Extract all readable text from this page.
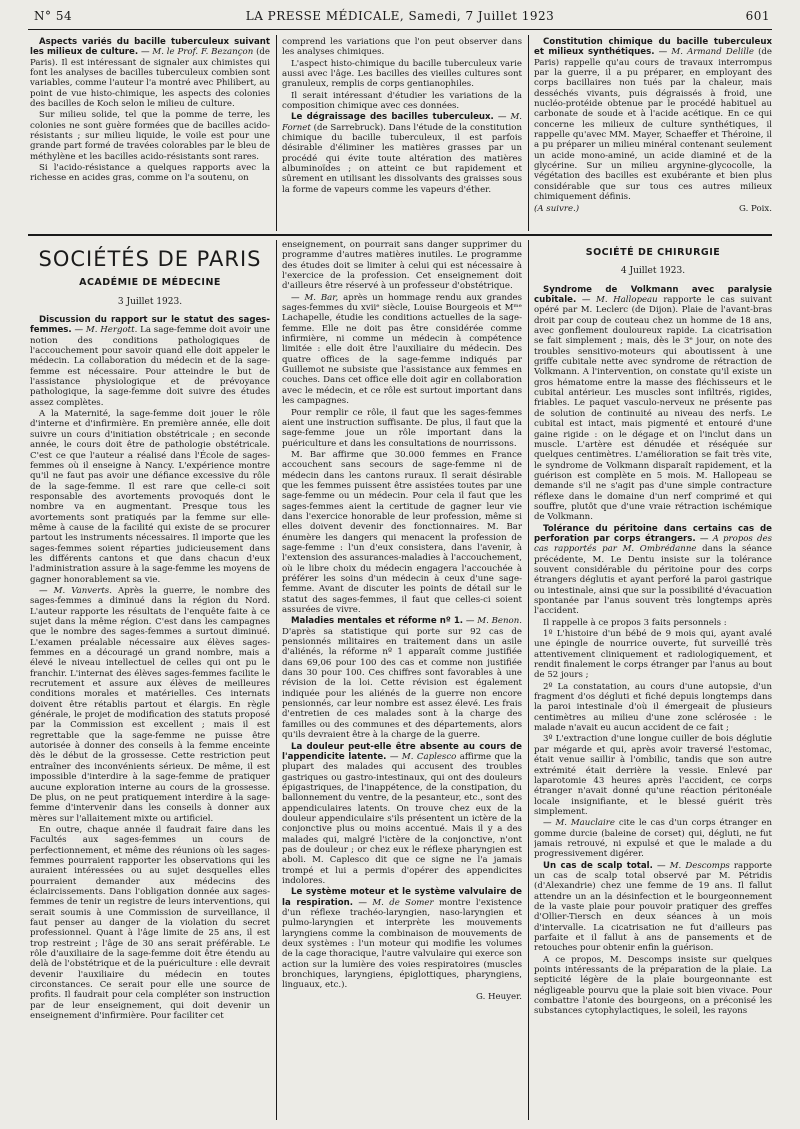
N° 54	LA PRESSE MÉDICALE, Samedi, 7 Juillet 1923	601

Aspects variés du bacille tuberculeux suivant les milieux de culture. — M. le Prof. F. Bezançon (de Paris). Il est intéressant de signaler aux chimistes qui font les analyses de bacilles tuberculeux combien sont variables, comme l'auteur l'a montré avec Philibert, au point de vue histo-chimique, les aspects des colonies des bacilles de Koch selon le milieu de culture.

Sur milieu solide, tel que la pomme de terre, les colonies ne sont guère formées que de bacilles acido-résistants ; sur milieu liquide, le voile est pour une grande part formé de travées colorables par le bleu de méthylène et les bacilles acido-résistants sont rares.

Si l'acido-résistance a quelques rapports avec la richesse en acides gras, comme on l'a soutenu, on

comprend les variations que l'on peut observer dans les analyses chimiques.

L'aspect histo-chimique du bacille tuberculeux varie aussi avec l'âge. Les bacilles des vieilles cultures sont granuleux, remplis de corps gentianophiles.

Il serait intéressant d'étudier les variations de la composition chimique avec ces données.

Le dégraissage des bacilles tuberculeux. — M. Fornet (de Sarrebruck). Dans l'étude de la constitution chimique du bacille tuberculeux, il est parfois désirable d'éliminer les matières grasses par un procédé qui évite toute altération des matières albuminoïdes ; on atteint ce but rapidement et sûrement en utilisant les dissolvants des graisses sous la forme de vapeurs comme les vapeurs d'éther.

Constitution chimique du bacille tuberculeux et milieux synthétiques. — M. Armand Delille (de Paris) rappelle qu'au cours de travaux interrompus par la guerre, il a pu préparer, en employant des corps bacillaires non tués par la chaleur, mais desséchés vivants, puis dégraissés à froid, une nucléo-protéide obtenue par le procédé habituel au carbonate de soude et à l'acide acétique. En ce qui concerne les milieux de culture synthétiques, il rappelle qu'avec MM. Mayer, Schaeffer et Théroine, il a pu préparer un milieu minéral contenant seulement un acide mono-aminé, un acide diaminé et de la glycérine. Sur un milieu argynine-glycocolle, la végétation des bacilles est exubérante et bien plus considérable que sur tous ces autres milieux chimiquement définis.

(A suivre.)	G. Poix.

SOCIÉTÉS DE PARIS
ACADÉMIE DE MÉDECINE
3 Juillet 1923.

Discussion du rapport sur le statut des sages-femmes. — M. Hergott. La sage-femme doit avoir une notion des conditions pathologiques de l'accouchement pour savoir quand elle doit appeler le médecin. La collaboration du médecin et de la sage-femme est nécessaire. Pour atteindre le but de l'assistance physiologique et de prévoyance pathologique, la sage-femme doit suivre des études assez complètes.

A la Maternité, la sage-femme doit jouer le rôle d'interne et d'infirmière. En première année, elle doit suivre un cours d'initiation obstétricale ; en seconde année, le cours doit être de pathologie obstétricale. C'est ce que l'auteur a réalisé dans l'École de sages-femmes où il enseigne à Nancy. L'expérience montre qu'il ne faut pas avoir une défiance excessive du rôle de la sage-femme. Il est rare que celle-ci soit responsable des avortements provoqués dont le nombre va en augmentant. Presque tous les avortements sont pratiqués par la femme sur elle-même à cause de la facilité qui existe de se procurer partout les instruments nécessaires. Il importe que les sages-femmes soient réparties judicieusement dans les différents cantons et que dans chacun d'eux l'administration assure à la sage-femme les moyens de gagner honorablement sa vie.

— M. Vanverts. Après la guerre, le nombre des sages-femmes a diminué dans la région du Nord. L'auteur rapporte les résultats de l'enquête faite à ce sujet dans la même région. C'est dans les campagnes que le nombre des sages-femmes a surtout diminué. L'examen préalable nécessaire aux élèves sages-femmes en a découragé un grand nombre, mais a élevé le niveau intellectuel de celles qui ont pu le franchir. L'internat des élèves sages-femmes facilite le recrutement et assure aux élèves de meilleures conditions morales et matérielles. Ces internats doivent être rétablis partout et élargis. En règle générale, le projet de modification des statuts proposé par la Commission est excellent ; mais il est regrettable que la sage-femme ne puisse être autorisée à donner des conseils à la femme enceinte dès le début de la grossesse. Cette restriction peut entraîner des inconvénients sérieux. De même, il est impossible d'interdire à la sage-femme de pratiquer aucune exploration interne au cours de la grossesse. De plus, on ne peut pratiquement interdire à la sage-femme d'intervenir dans les conseils à donner aux mères sur l'allaitement mixte ou artificiel.

En outre, chaque année il faudrait faire dans les Facultés aux sages-femmes un cours de perfectionnement, et même des réunions où les sages-femmes pourraient rapporter les observations qui les auraient intéressées ou au sujet desquelles elles pourraient demander aux médecins des éclaircissements. Dans l'obligation donnée aux sages-femmes de tenir un registre de leurs interventions, qui serait soumis à une Commission de surveillance, il faut penser au danger de la violation du secret professionnel. Quant à l'âge limite de 25 ans, il est trop restreint ; l'âge de 30 ans serait préférable. Le rôle d'auxiliaire de la sage-femme doit être étendu au delà de l'obstétrique et de la puériculture : elle devrait devenir l'auxiliaire du médecin en toutes circonstances. Ce serait pour elle une source de profits. Il faudrait pour cela compléter son instruction par de leur enseignement, qui doit devenir un enseignement d'infirmière. Pour faciliter cet

enseignement, on pourrait sans danger supprimer du programme d'autres matières inutiles. Le programme des études doit se limiter à celui qui est nécessaire à l'exercice de la profession. Cet enseignement doit d'ailleurs être réservé à un professeur d'obstétrique.

— M. Bar, après un hommage rendu aux grandes sages-femmes du xviiᵉ siècle, Louise Bourgeois et Mᵐᵉ Lachapelle, étudie les conditions actuelles de la sage-femme. Elle ne doit pas être considérée comme infirmière, ni comme un médecin à compétence limitée : elle doit être l'auxiliaire du médecin. Des quatre offices de la sage-femme indiqués par Guillemot ne subsiste que l'assistance aux femmes en couches. Dans cet office elle doit agir en collaboration avec le médecin, et ce rôle est surtout important dans les campagnes.

Pour remplir ce rôle, il faut que les sages-femmes aient une instruction suffisante. De plus, il faut que la sage-femme joue un rôle important dans la puériculture et dans les consultations de nourrissons.

M. Bar affirme que 30.000 femmes en France accouchent sans secours de sage-femme ni de médecin dans les cantons ruraux. Il serait désirable que les femmes puissent être assistées toutes par une sage-femme ou un médecin. Pour cela il faut que les sages-femmes aient la certitude de gagner leur vie dans l'exercice honorable de leur profession, même si elles doivent devenir des fonctionnaires. M. Bar énumère les dangers qui menacent la profession de sage-femme : l'un d'eux consistera, dans l'avenir, à l'extension des assurances-maladies à l'accouchement, où le libre choix du médecin engagera l'accouchée à préférer les soins d'un médecin à ceux d'une sage-femme. Avant de discuter les points de détail sur le statut des sages-femmes, il faut que celles-ci soient assurées de vivre.

Maladies mentales et réforme nº 1. — M. Benon. D'après sa statistique qui porte sur 92 cas de pensionnés militaires en traitement dans un asile d'aliénés, la réforme nº 1 apparaît comme justifiée dans 69,06 pour 100 des cas et comme non justifiée dans 30 pour 100. Ces chiffres sont favorables à une révision de la loi. Cette révision est également indiquée pour les aliénés de la guerre non encore pensionnés, car leur nombre est assez élevé. Les frais d'entretien de ces malades sont à la charge des familles ou des communes et des départements, alors qu'ils devraient être à la charge de la guerre.

La douleur peut-elle être absente au cours de l'appendicite latente. — M. Caplesco affirme que la plupart des malades qui accusent des troubles gastriques ou gastro-intestinaux, qui ont des douleurs épigastriques, de l'inappétence, de la constipation, du ballonnement du ventre, de la pesanteur, etc., sont des appendiculaires latents. On trouve chez eux de la douleur appendiculaire s'ils présentent un ictère de la conjonctive plus ou moins accentué. Mais il y a des malades qui, malgré l'ictère de la conjonctive, n'ont pas de douleur ; or chez eux le réflexe pharyngien est aboli. M. Caplesco dit que ce signe ne l'a jamais trompé et lui a permis d'opérer des appendicites indolores.

Le système moteur et le système valvulaire de la respiration. — M. de Somer montre l'existence d'un réflexe trachéo-laryngien, naso-laryngien et pulmo-laryngien et interprète les mouvements laryngiens comme la combinaison de mouvements de deux systèmes : l'un moteur qui modifie les volumes de la cage thoracique, l'autre valvulaire qui exerce son action sur la lumière des voies respiratoires (muscles bronchiques, laryngiens, épiglottiques, pharyngiens, linguaux, etc.).

G. Heuyer.

SOCIÉTÉ DE CHIRURGIE
4 Juillet 1923.

Syndrome de Volkmann avec paralysie cubitale. — M. Hallopeau rapporte le cas suivant opéré par M. Leclerc (de Dijon). Plaie de l'avant-bras droit par coup de couteau chez un homme de 18 ans, avec gonflement douloureux rapide. La cicatrisation se fait simplement ; mais, dès le 3ᵉ jour, on note des troubles sensitivo-moteurs qui aboutissent à une griffe cubitale nette avec syndrome de rétraction de Volkmann. A l'intervention, on constate qu'il existe un gros hématome entre la masse des fléchisseurs et le cubital antérieur. Les muscles sont infiltrés, rigides, friables. Le paquet vasculo-nerveux ne présente pas de solution de continuité au niveau des nerfs. Le cubital est intact, mais pigmenté et entouré d'une gaine rigide : on le dégage et on l'inclut dans un muscle. L'artère est dénudée et réséquée sur quelques centimètres. L'amélioration se fait très vite, le syndrome de Volkmann disparaît rapidement, et la guérison est complète en 5 mois. M. Hallopeau se demande s'il ne s'agit pas d'une simple contracture réflexe dans le domaine d'un nerf comprimé et qui souffre, plutôt que d'une vraie rétraction ischémique de Volkmann.

Tolérance du péritoine dans certains cas de perforation par corps étrangers. — A propos des cas rapportés par M. Ombrédanne dans la séance précédente, M. Le Dentu insiste sur la tolérance souvent considérable du péritoine pour des corps étrangers déglutis et ayant perforé la paroi gastrique ou intestinale, ainsi que sur la possibilité d'évacuation spontanée par l'anus souvent très longtemps après l'accident.

Il rappelle à ce propos 3 faits personnels :

1º L'histoire d'un bébé de 9 mois qui, ayant avalé une épingle de nourrice ouverte, fut surveillé très attentivement cliniquement et radiologiquement, et rendit finalement le corps étranger par l'anus au bout de 52 jours ;

2º La constatation, au cours d'une autopsie, d'un fragment d'os dégluti et fiché depuis longtemps dans la paroi intestinale d'où il émergeait de plusieurs centimètres au milieu d'une zone sclérosée : le malade n'avait eu aucun accident de ce fait ;

3º L'extraction d'une longue cuiller de bois déglutie par mégarde et qui, après avoir traversé l'estomac, était venue saillir à l'ombilic, tandis que son autre extrémité était derrière la vessie. Enlevé par laparotomie 43 heures après l'accident, ce corps étranger n'avait donné qu'une réaction péritonéale locale insignifiante, et le blessé guérit très simplement.

— M. Mauclaire cite le cas d'un corps étranger en gomme durcie (baleine de corset) qui, dégluti, ne fut jamais retrouvé, ni expulsé et que le malade a du progressivement digérer.

Un cas de scalp total. — M. Descomps rapporte un cas de scalp total observé par M. Pétridis (d'Alexandrie) chez une femme de 19 ans. Il fallut attendre un an la désinfection et le bourgeonnement de la vaste plaie pour pouvoir pratiquer des greffes d'Ollier-Tiersch en deux séances à un mois d'intervalle. La cicatrisation ne fut d'ailleurs pas parfaite et il fallut à ans de pansements et de retouches pour obtenir enfin la guérison.

A ce propos, M. Descomps insiste sur quelques points intéressants de la préparation de la plaie. La septicité légère de la plaie bourgeonnante est négligeable pourvu que la plaie soit bien vivace. Pour combattre l'atonie des bourgeons, on a préconisé les substances cytophylactiques, le soleil, les rayons
